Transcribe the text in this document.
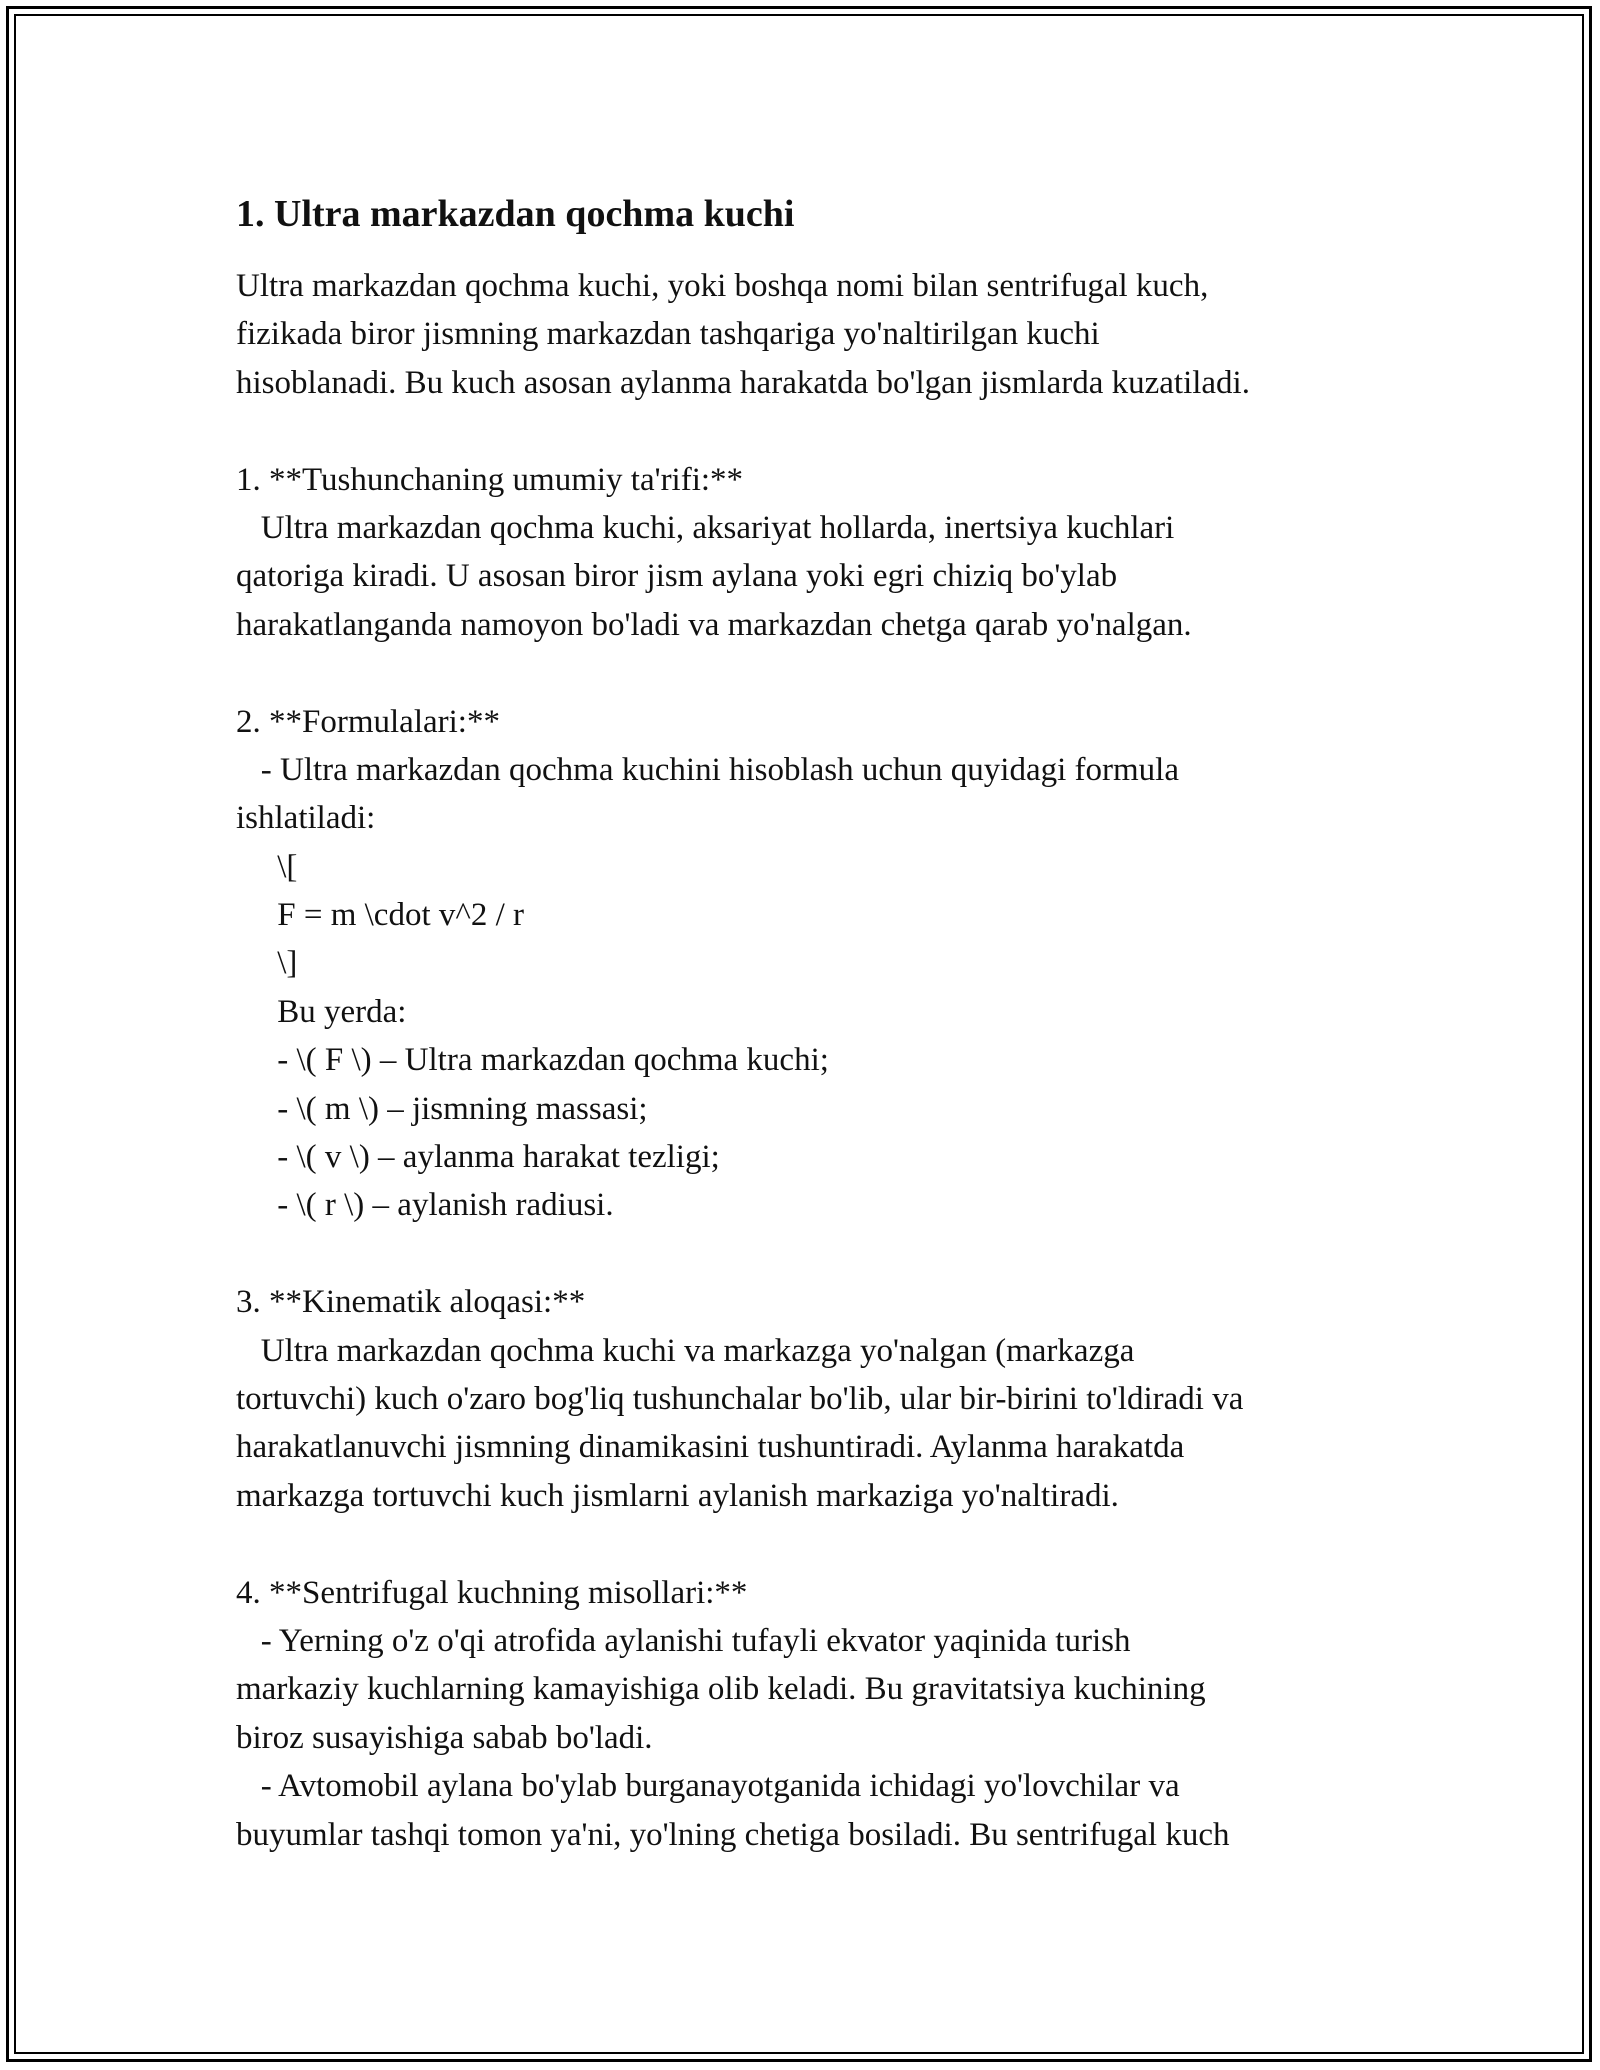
1. Ultra markazdan qochma kuchi
Ultra markazdan qochma kuchi, yoki boshqa nomi bilan sentrifugal kuch,
fizikada biror jismning markazdan tashqariga yo'naltirilgan kuchi
hisoblanadi. Bu kuch asosan aylanma harakatda bo'lgan jismlarda kuzatiladi.
1. **Tushunchaning umumiy ta'rifi:**
Ultra markazdan qochma kuchi, aksariyat hollarda, inertsiya kuchlari
qatoriga kiradi. U asosan biror jism aylana yoki egri chiziq bo'ylab
harakatlanganda namoyon bo'ladi va markazdan chetga qarab yo'nalgan.
2. **Formulalari:**
- Ultra markazdan qochma kuchini hisoblash uchun quyidagi formula
ishlatiladi:
\[
F = m \cdot v^2 / r
\]
Bu yerda:
- \( F \) – Ultra markazdan qochma kuchi;
- \( m \) – jismning massasi;
- \( v \) – aylanma harakat tezligi;
- \( r \) – aylanish radiusi.
3. **Kinematik aloqasi:**
Ultra markazdan qochma kuchi va markazga yo'nalgan (markazga
tortuvchi) kuch o'zaro bog'liq tushunchalar bo'lib, ular bir-birini to'ldiradi va
harakatlanuvchi jismning dinamikasini tushuntiradi. Aylanma harakatda
markazga tortuvchi kuch jismlarni aylanish markaziga yo'naltiradi.
4. **Sentrifugal kuchning misollari:**
- Yerning o'z o'qi atrofida aylanishi tufayli ekvator yaqinida turish
markaziy kuchlarning kamayishiga olib keladi. Bu gravitatsiya kuchining
biroz susayishiga sabab bo'ladi.
- Avtomobil aylana bo'ylab burganayotganida ichidagi yo'lovchilar va
buyumlar tashqi tomon ya'ni, yo'lning chetiga bosiladi. Bu sentrifugal kuch
